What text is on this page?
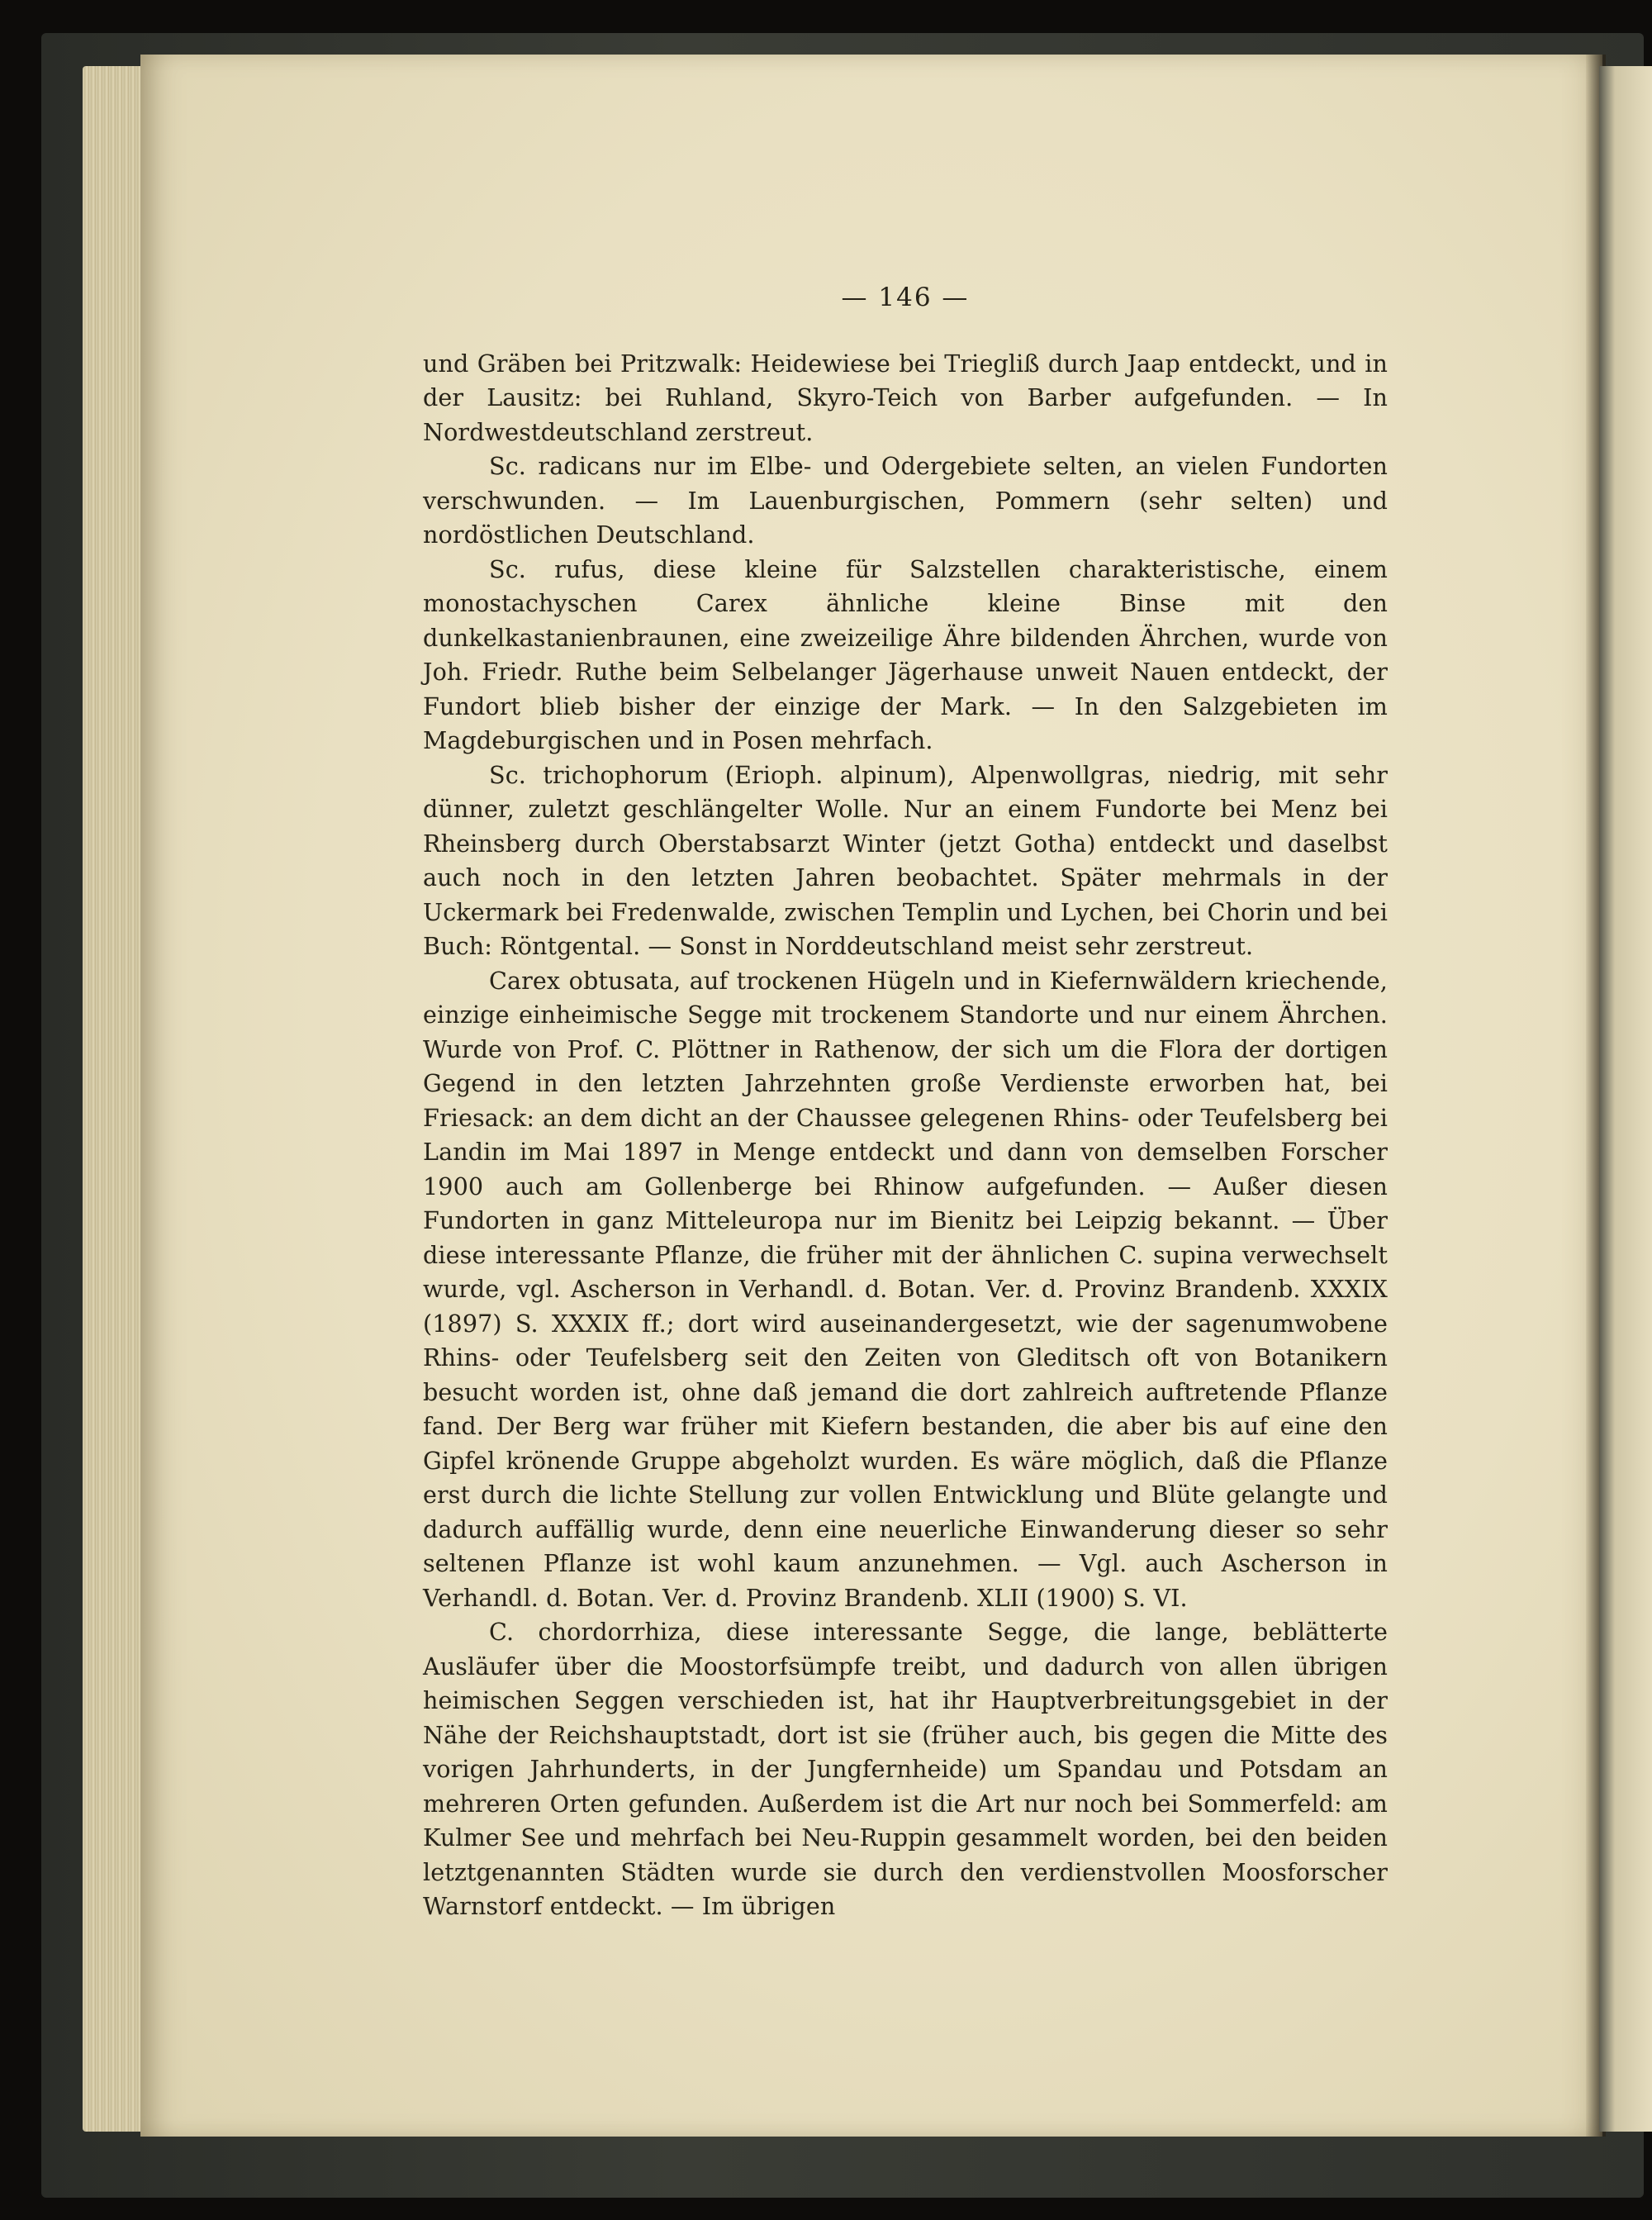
— 146 —

und Gräben bei Pritzwalk: Heidewiese bei Triegliß durch Jaap entdeckt, und in der Lausitz: bei Ruhland, Skyro-Teich von Barber aufgefunden. — In Nordwestdeutschland zerstreut.

Sc. radicans nur im Elbe- und Odergebiete selten, an vielen Fundorten verschwunden. — Im Lauenburgischen, Pommern (sehr selten) und nordöstlichen Deutschland.

Sc. rufus, diese kleine für Salzstellen charakteristische, einem monostachyschen Carex ähnliche kleine Binse mit den dunkelkastanienbraunen, eine zweizeilige Ähre bildenden Ährchen, wurde von Joh. Friedr. Ruthe beim Selbelanger Jägerhause unweit Nauen entdeckt, der Fundort blieb bisher der einzige der Mark. — In den Salzgebieten im Magdeburgischen und in Posen mehrfach.

Sc. trichophorum (Erioph. alpinum), Alpenwollgras, niedrig, mit sehr dünner, zuletzt geschlängelter Wolle. Nur an einem Fundorte bei Menz bei Rheinsberg durch Oberstabsarzt Winter (jetzt Gotha) entdeckt und daselbst auch noch in den letzten Jahren beobachtet. Später mehrmals in der Uckermark bei Fredenwalde, zwischen Templin und Lychen, bei Chorin und bei Buch: Röntgental. — Sonst in Norddeutschland meist sehr zerstreut.

Carex obtusata, auf trockenen Hügeln und in Kiefernwäldern kriechende, einzige einheimische Segge mit trockenem Standorte und nur einem Ährchen. Wurde von Prof. C. Plöttner in Rathenow, der sich um die Flora der dortigen Gegend in den letzten Jahrzehnten große Verdienste erworben hat, bei Friesack: an dem dicht an der Chaussee gelegenen Rhins- oder Teufelsberg bei Landin im Mai 1897 in Menge entdeckt und dann von demselben Forscher 1900 auch am Gollenberge bei Rhinow aufgefunden. — Außer diesen Fundorten in ganz Mitteleuropa nur im Bienitz bei Leipzig bekannt. — Über diese interessante Pflanze, die früher mit der ähnlichen C. supina verwechselt wurde, vgl. Ascherson in Verhandl. d. Botan. Ver. d. Provinz Brandenb. XXXIX (1897) S. XXXIX ff.; dort wird auseinandergesetzt, wie der sagenumwobene Rhins- oder Teufelsberg seit den Zeiten von Gleditsch oft von Botanikern besucht worden ist, ohne daß jemand die dort zahlreich auftretende Pflanze fand. Der Berg war früher mit Kiefern bestanden, die aber bis auf eine den Gipfel krönende Gruppe abgeholzt wurden. Es wäre möglich, daß die Pflanze erst durch die lichte Stellung zur vollen Entwicklung und Blüte gelangte und dadurch auffällig wurde, denn eine neuerliche Einwanderung dieser so sehr seltenen Pflanze ist wohl kaum anzunehmen. — Vgl. auch Ascherson in Verhandl. d. Botan. Ver. d. Provinz Brandenb. XLII (1900) S. VI.

C. chordorrhiza, diese interessante Segge, die lange, beblätterte Ausläufer über die Moostorfsümpfe treibt, und dadurch von allen übrigen heimischen Seggen verschieden ist, hat ihr Hauptverbreitungsgebiet in der Nähe der Reichshauptstadt, dort ist sie (früher auch, bis gegen die Mitte des vorigen Jahrhunderts, in der Jungfernheide) um Spandau und Potsdam an mehreren Orten gefunden. Außerdem ist die Art nur noch bei Sommerfeld: am Kulmer See und mehrfach bei Neu-Ruppin gesammelt worden, bei den beiden letztgenannten Städten wurde sie durch den verdienstvollen Moosforscher Warnstorf entdeckt. — Im übrigen
